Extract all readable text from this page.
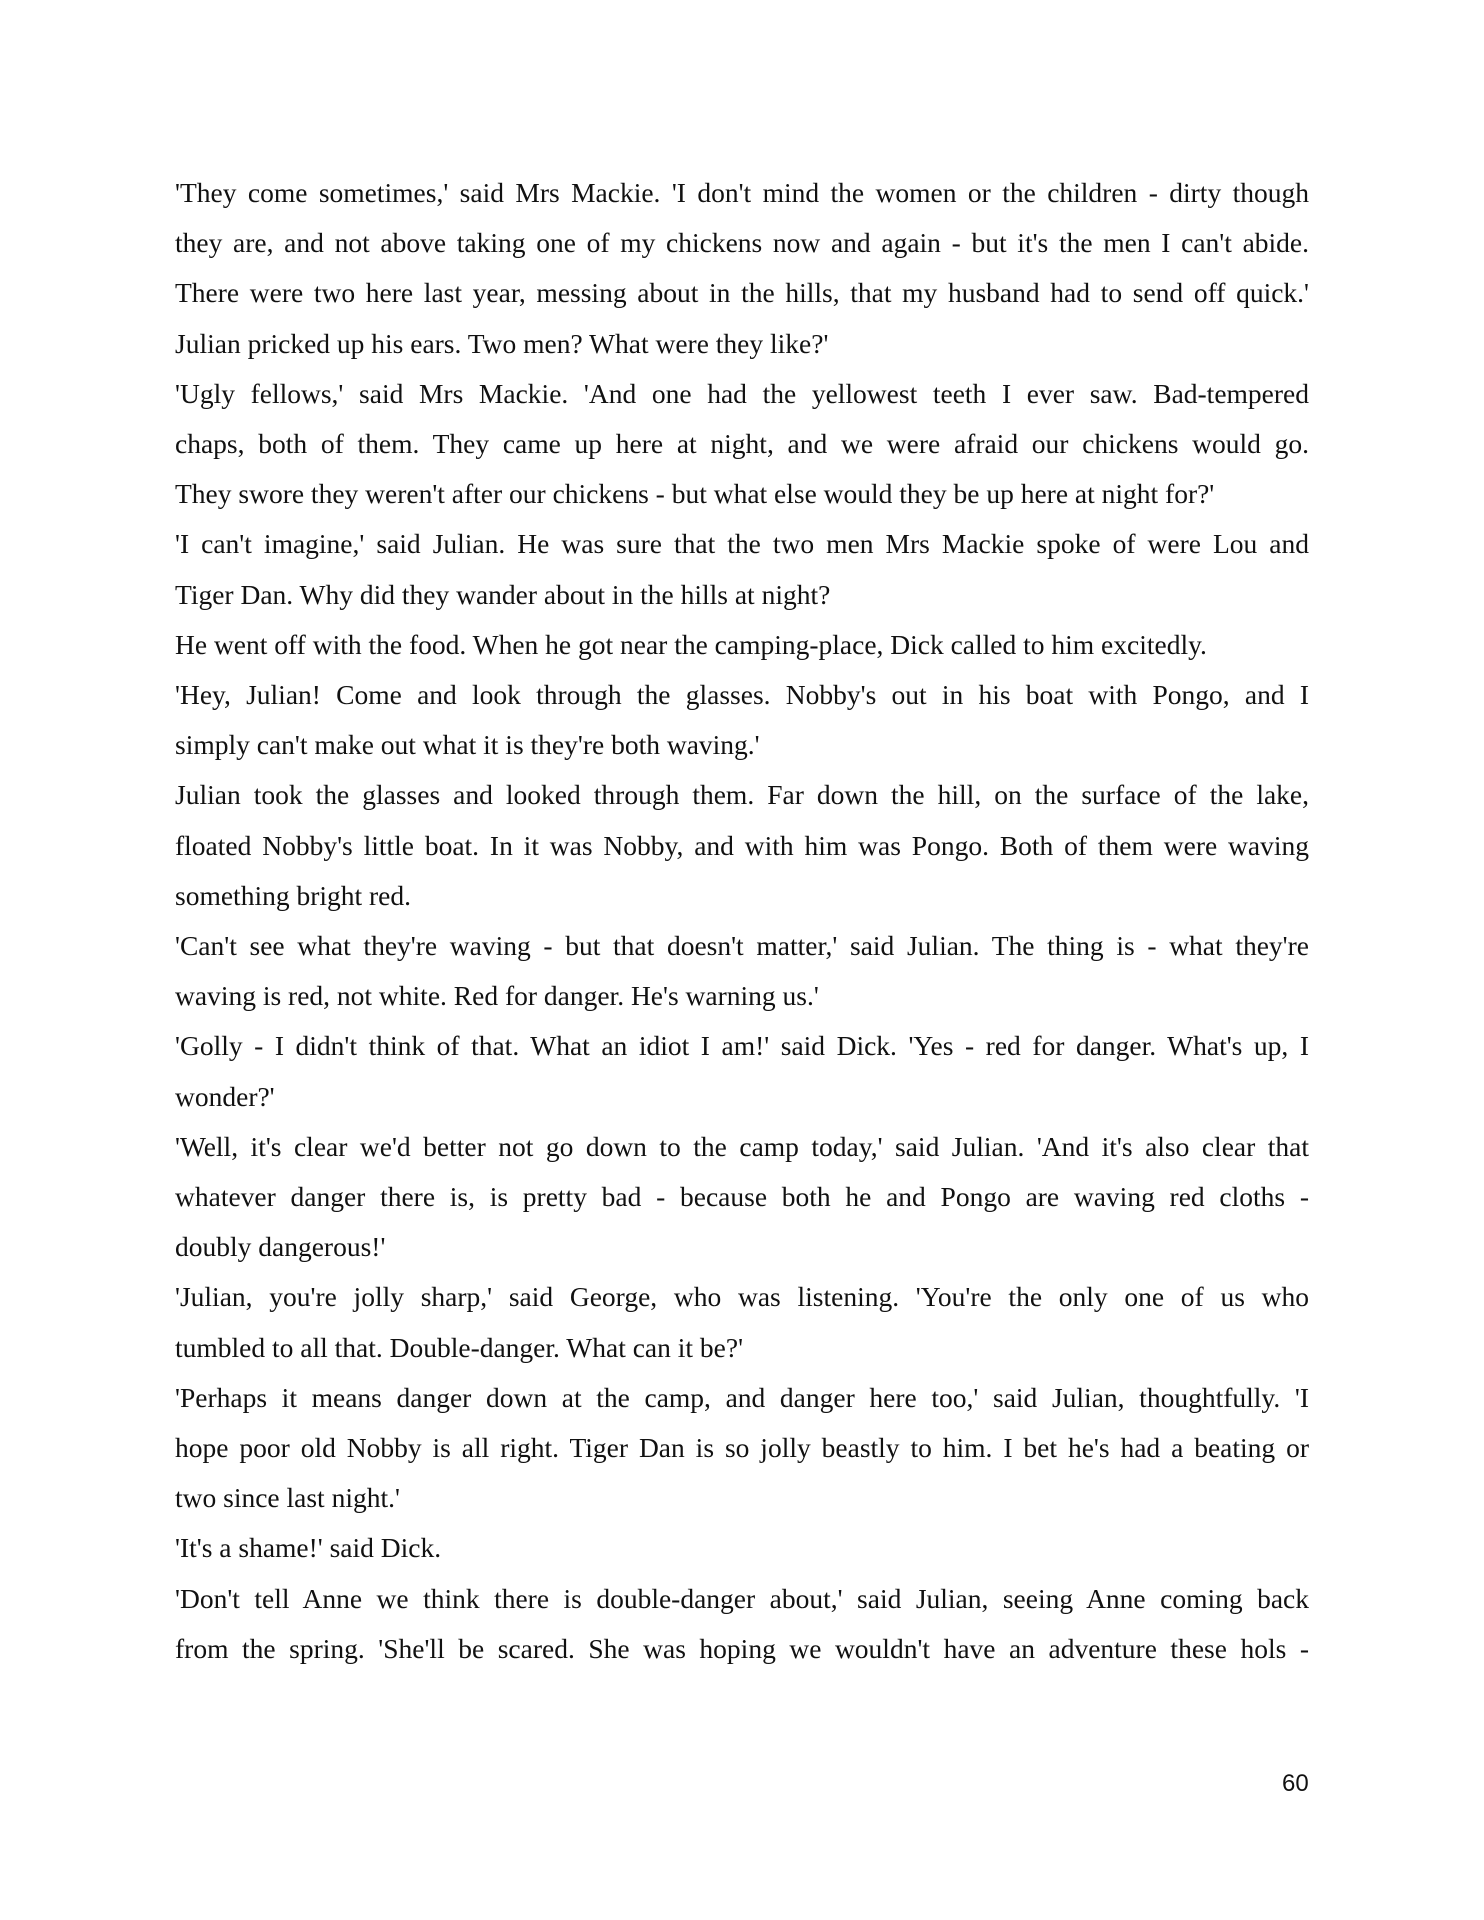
'They come sometimes,' said Mrs Mackie. 'I don't mind the women or the children - dirty though
they are, and not above taking one of my chickens now and again - but it's the men I can't abide.
There were two here last year, messing about in the hills, that my husband had to send off quick.'
Julian pricked up his ears. Two men? What were they like?'
'Ugly fellows,' said Mrs Mackie. 'And one had the yellowest teeth I ever saw. Bad-tempered
chaps, both of them. They came up here at night, and we were afraid our chickens would go.
They swore they weren't after our chickens - but what else would they be up here at night for?'
'I can't imagine,' said Julian. He was sure that the two men Mrs Mackie spoke of were Lou and
Tiger Dan. Why did they wander about in the hills at night?
He went off with the food. When he got near the camping-place, Dick called to him excitedly.
'Hey, Julian! Come and look through the glasses. Nobby's out in his boat with Pongo, and I
simply can't make out what it is they're both waving.'
Julian took the glasses and looked through them. Far down the hill, on the surface of the lake,
floated Nobby's little boat. In it was Nobby, and with him was Pongo. Both of them were waving
something bright red.
'Can't see what they're waving - but that doesn't matter,' said Julian. The thing is - what they're
waving is red, not white. Red for danger. He's warning us.'
'Golly - I didn't think of that. What an idiot I am!' said Dick. 'Yes - red for danger. What's up, I
wonder?'
'Well, it's clear we'd better not go down to the camp today,' said Julian. 'And it's also clear that
whatever danger there is, is pretty bad - because both he and Pongo are waving red cloths -
doubly dangerous!'
'Julian, you're jolly sharp,' said George, who was listening. 'You're the only one of us who
tumbled to all that. Double-danger. What can it be?'
'Perhaps it means danger down at the camp, and danger here too,' said Julian, thoughtfully. 'I
hope poor old Nobby is all right. Tiger Dan is so jolly beastly to him. I bet he's had a beating or
two since last night.'
'It's a shame!' said Dick.
'Don't tell Anne we think there is double-danger about,' said Julian, seeing Anne coming back
from the spring. 'She'll be scared. She was hoping we wouldn't have an adventure these hols -
60
